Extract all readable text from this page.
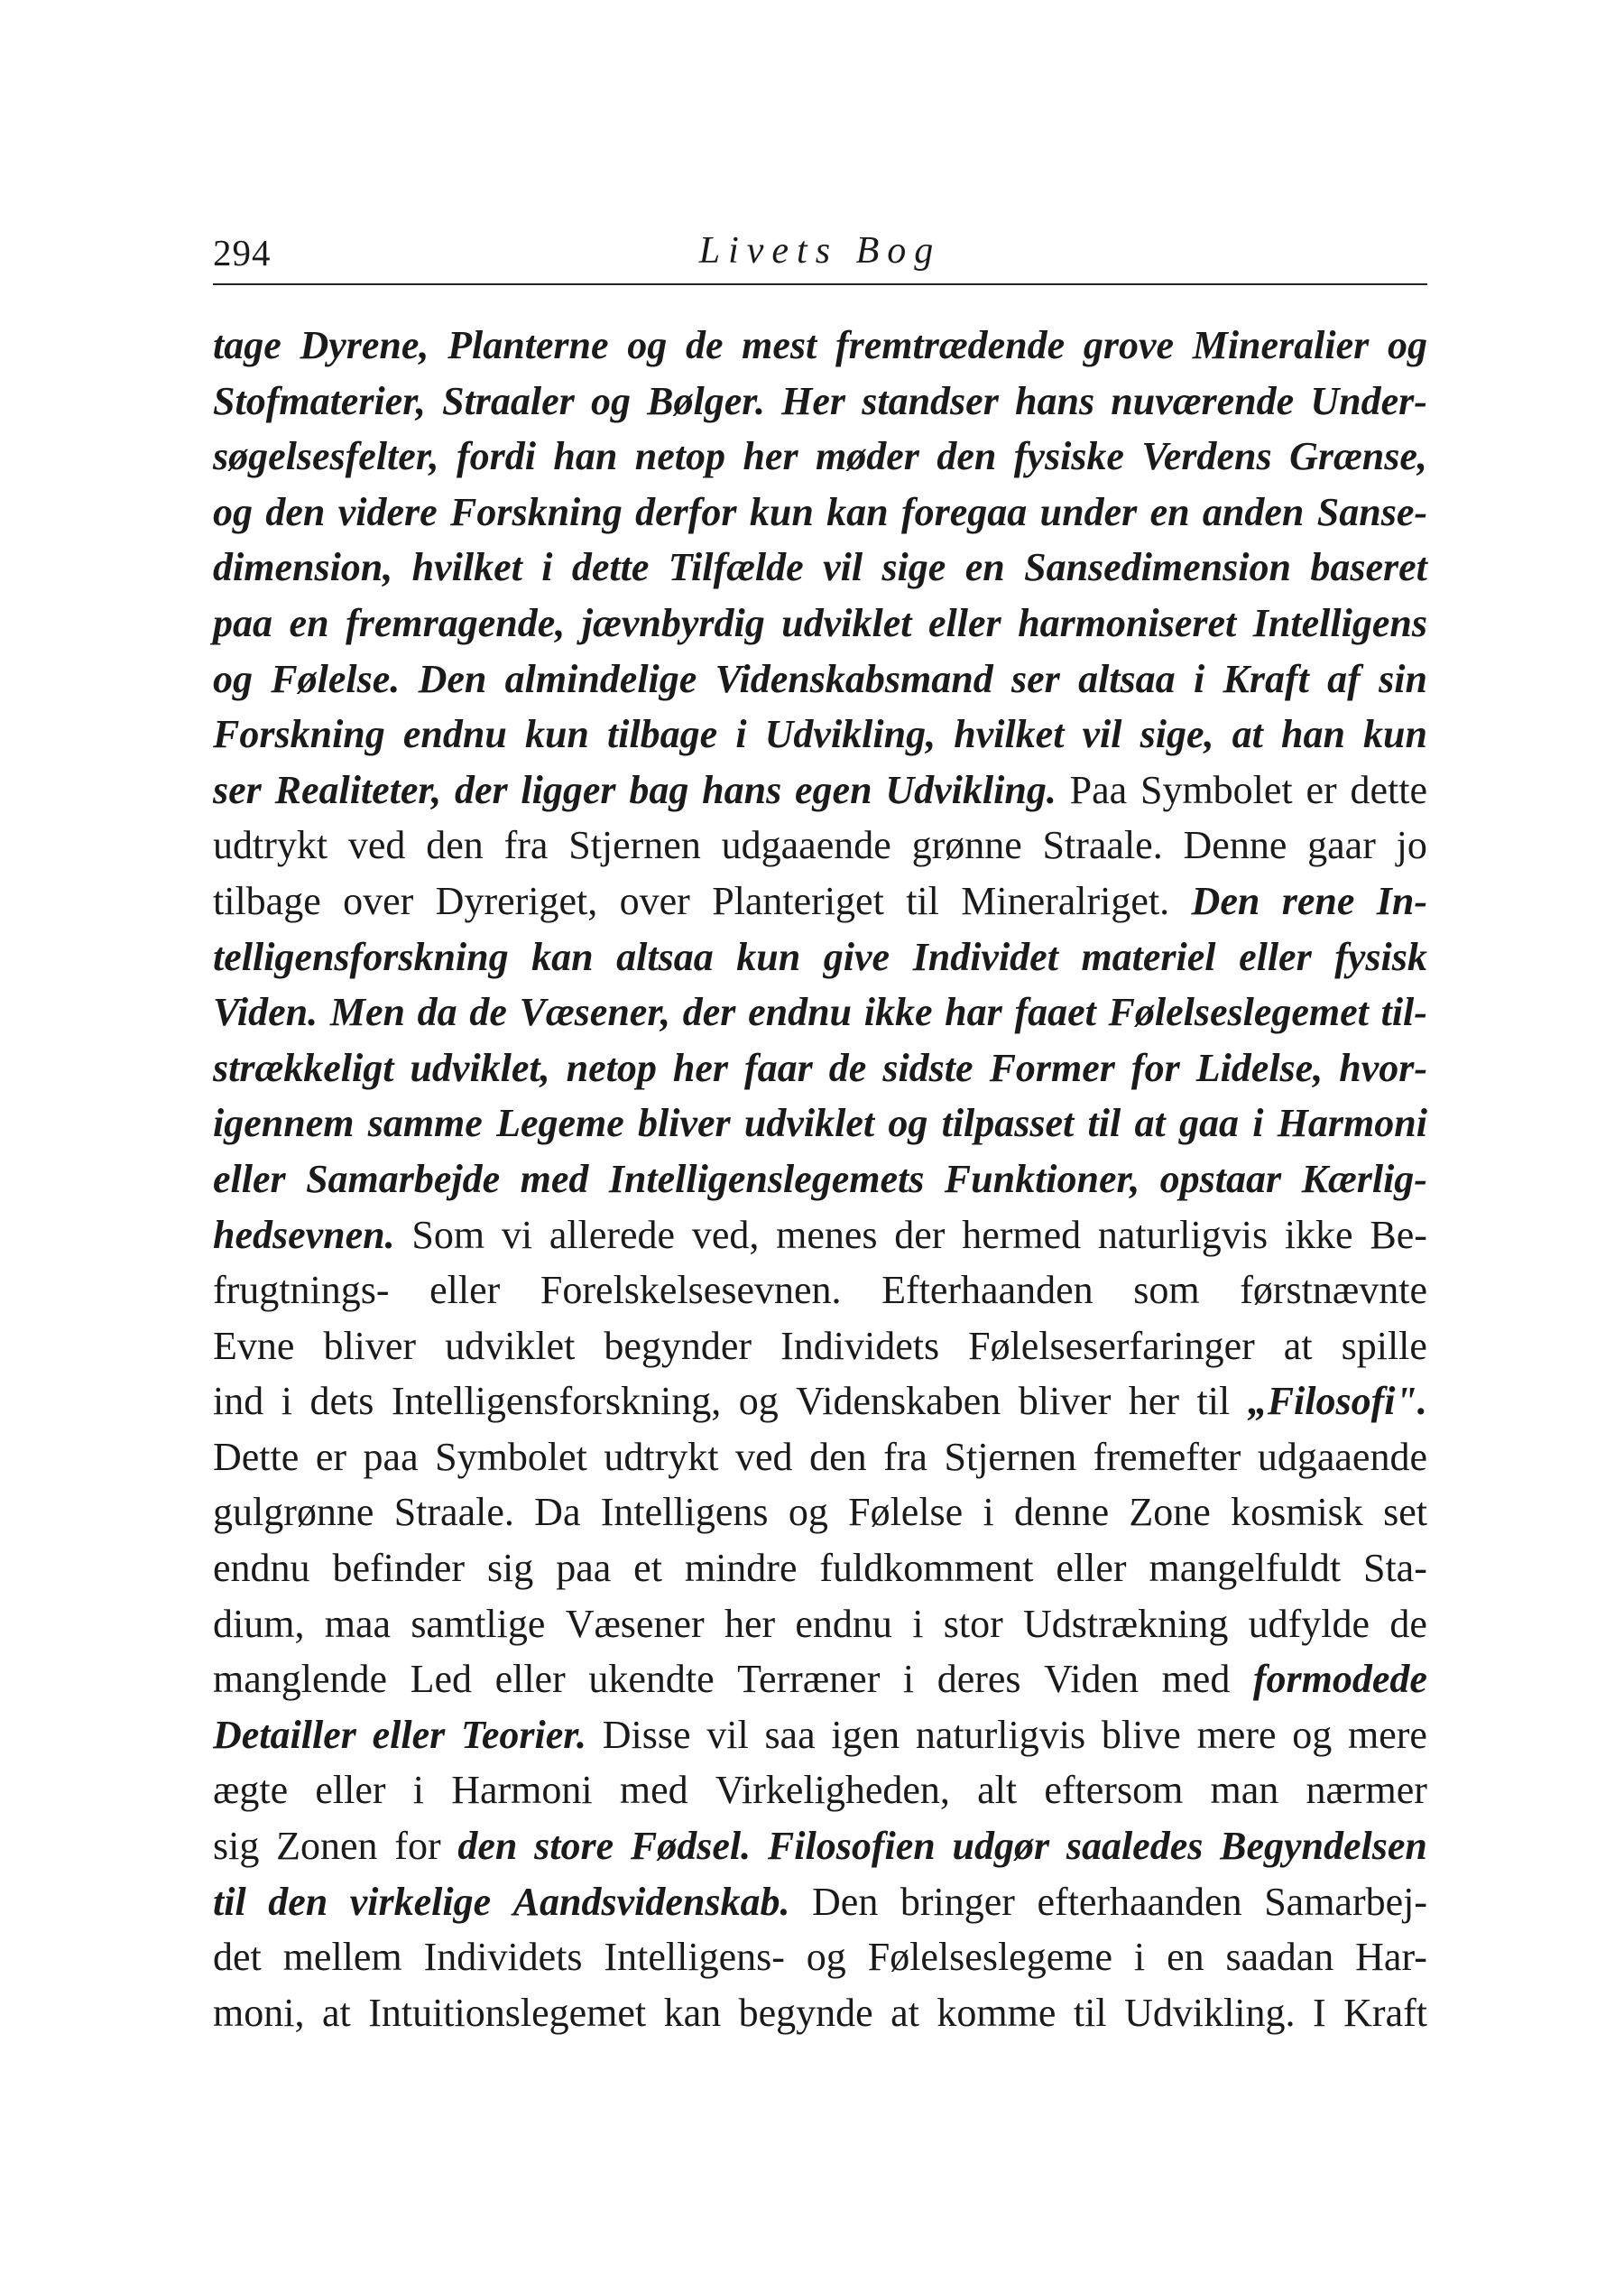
294	Livets Bog
tage Dyrene, Planterne og de mest fremtrædende grove Mineralier og
Stofmaterier, Straaler og Bølger. Her standser hans nuværende Under-
søgelsesfelter, fordi han netop her møder den fysiske Verdens Grænse,
og den videre Forskning derfor kun kan foregaa under en anden Sanse-
dimension, hvilket i dette Tilfælde vil sige en Sansedimension baseret
paa en fremragende, jævnbyrdig udviklet eller harmoniseret Intelligens
og Følelse. Den almindelige Videnskabsmand ser altsaa i Kraft af sin
Forskning endnu kun tilbage i Udvikling, hvilket vil sige, at han kun
ser Realiteter, der ligger bag hans egen Udvikling. Paa Symbolet er dette
udtrykt ved den fra Stjernen udgaaende grønne Straale. Denne gaar jo
tilbage over Dyreriget, over Planteriget til Mineralriget. Den rene In-
telligensforskning kan altsaa kun give Individet materiel eller fysisk
Viden. Men da de Væsener, der endnu ikke har faaet Følelseslegemet til-
strækkeligt udviklet, netop her faar de sidste Former for Lidelse, hvor-
igennem samme Legeme bliver udviklet og tilpasset til at gaa i Harmoni
eller Samarbejde med Intelligenslegemets Funktioner, opstaar Kærlig-
hedsevnen. Som vi allerede ved, menes der hermed naturligvis ikke Be-
frugtnings- eller Forelskelsesevnen. Efterhaanden som førstnævnte
Evne bliver udviklet begynder Individets Følelseserfaringer at spille
ind i dets Intelligensforskning, og Videnskaben bliver her til „Filosofi".
Dette er paa Symbolet udtrykt ved den fra Stjernen fremefter udgaaende
gulgrønne Straale. Da Intelligens og Følelse i denne Zone kosmisk set
endnu befinder sig paa et mindre fuldkomment eller mangelfuldt Sta-
dium, maa samtlige Væsener her endnu i stor Udstrækning udfylde de
manglende Led eller ukendte Terræner i deres Viden med formodede
Detailler eller Teorier. Disse vil saa igen naturligvis blive mere og mere
ægte eller i Harmoni med Virkeligheden, alt eftersom man nærmer
sig Zonen for den store Fødsel. Filosofien udgør saaledes Begyndelsen
til den virkelige Aandsvidenskab. Den bringer efterhaanden Samarbej-
det mellem Individets Intelligens- og Følelseslegeme i en saadan Har-
moni, at Intuitionslegemet kan begynde at komme til Udvikling. I Kraft
